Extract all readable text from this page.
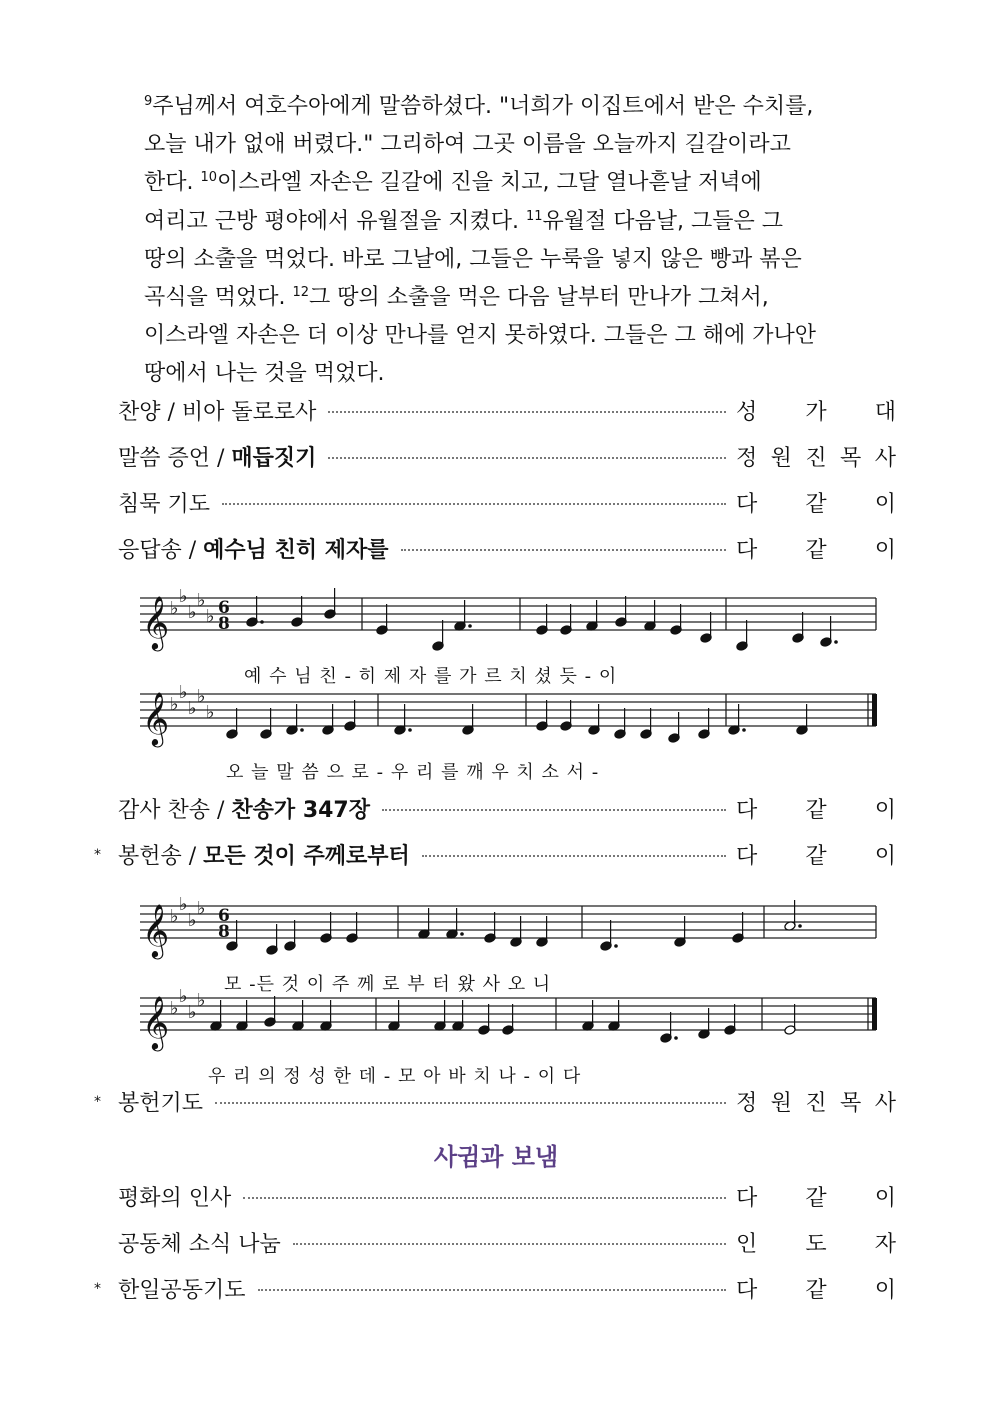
$^9$주님께서 여호수아에게 말씀하셨다. "너희가 이집트에서 받은 수치를,
오늘 내가 없애 버렸다." 그리하여 그곳 이름을 오늘까지 길갈이라고
한다. $^{10}$이스라엘 자손은 길갈에 진을 치고, 그달 열나흗날 저녁에
여리고 근방 평야에서 유월절을 지켰다. $^{11}$유월절 다음날, 그들은 그
땅의 소출을 먹었다. 바로 그날에, 그들은 누룩을 넣지 않은 빵과 볶은
곡식을 먹었다. $^{12}$그 땅의 소출을 먹은 다음 날부터 만나가 그쳐서,
이스라엘 자손은 더 이상 만나를 얻지 못하였다. 그들은 그 해에 가나안
땅에서 나는 것을 먹었다.
찬양 / 비아 돌로로사	성 가 대
말씀 증언 / 매듭짓기	정 원 진 목 사
침묵 기도	다 같 이
응답송 / 예수님 친히 제자를	다 같 이
감사 찬송 / 찬송가 347장	다 같 이
* 봉헌송 / 모든 것이 주께로부터	다 같 이
* 봉헌기도	정 원 진 목 사
평화의 인사	다 같 이
공동체 소식 나눔	인 도 자
* 한일공동기도	다 같 이
사귐과 보냄
𝄞 ♭
♭
♭
♭
♭ 6
8
예 수 님 친 - 히 제 자 를 가 르 치 셨 듯 - 이
𝄞 ♭
♭
♭
♭
♭
오 늘 말 씀 으 로 - 우 리 를 깨 우 치 소 서 -
𝄞 ♭
♭
♭
♭ 6
8
모 -든 것 이 주 께 로 부 터 왔 사 오 니
𝄞 ♭
♭
♭
♭
우 리 의 정 성 한 데 - 모 아 바 치 나 - 이 다
